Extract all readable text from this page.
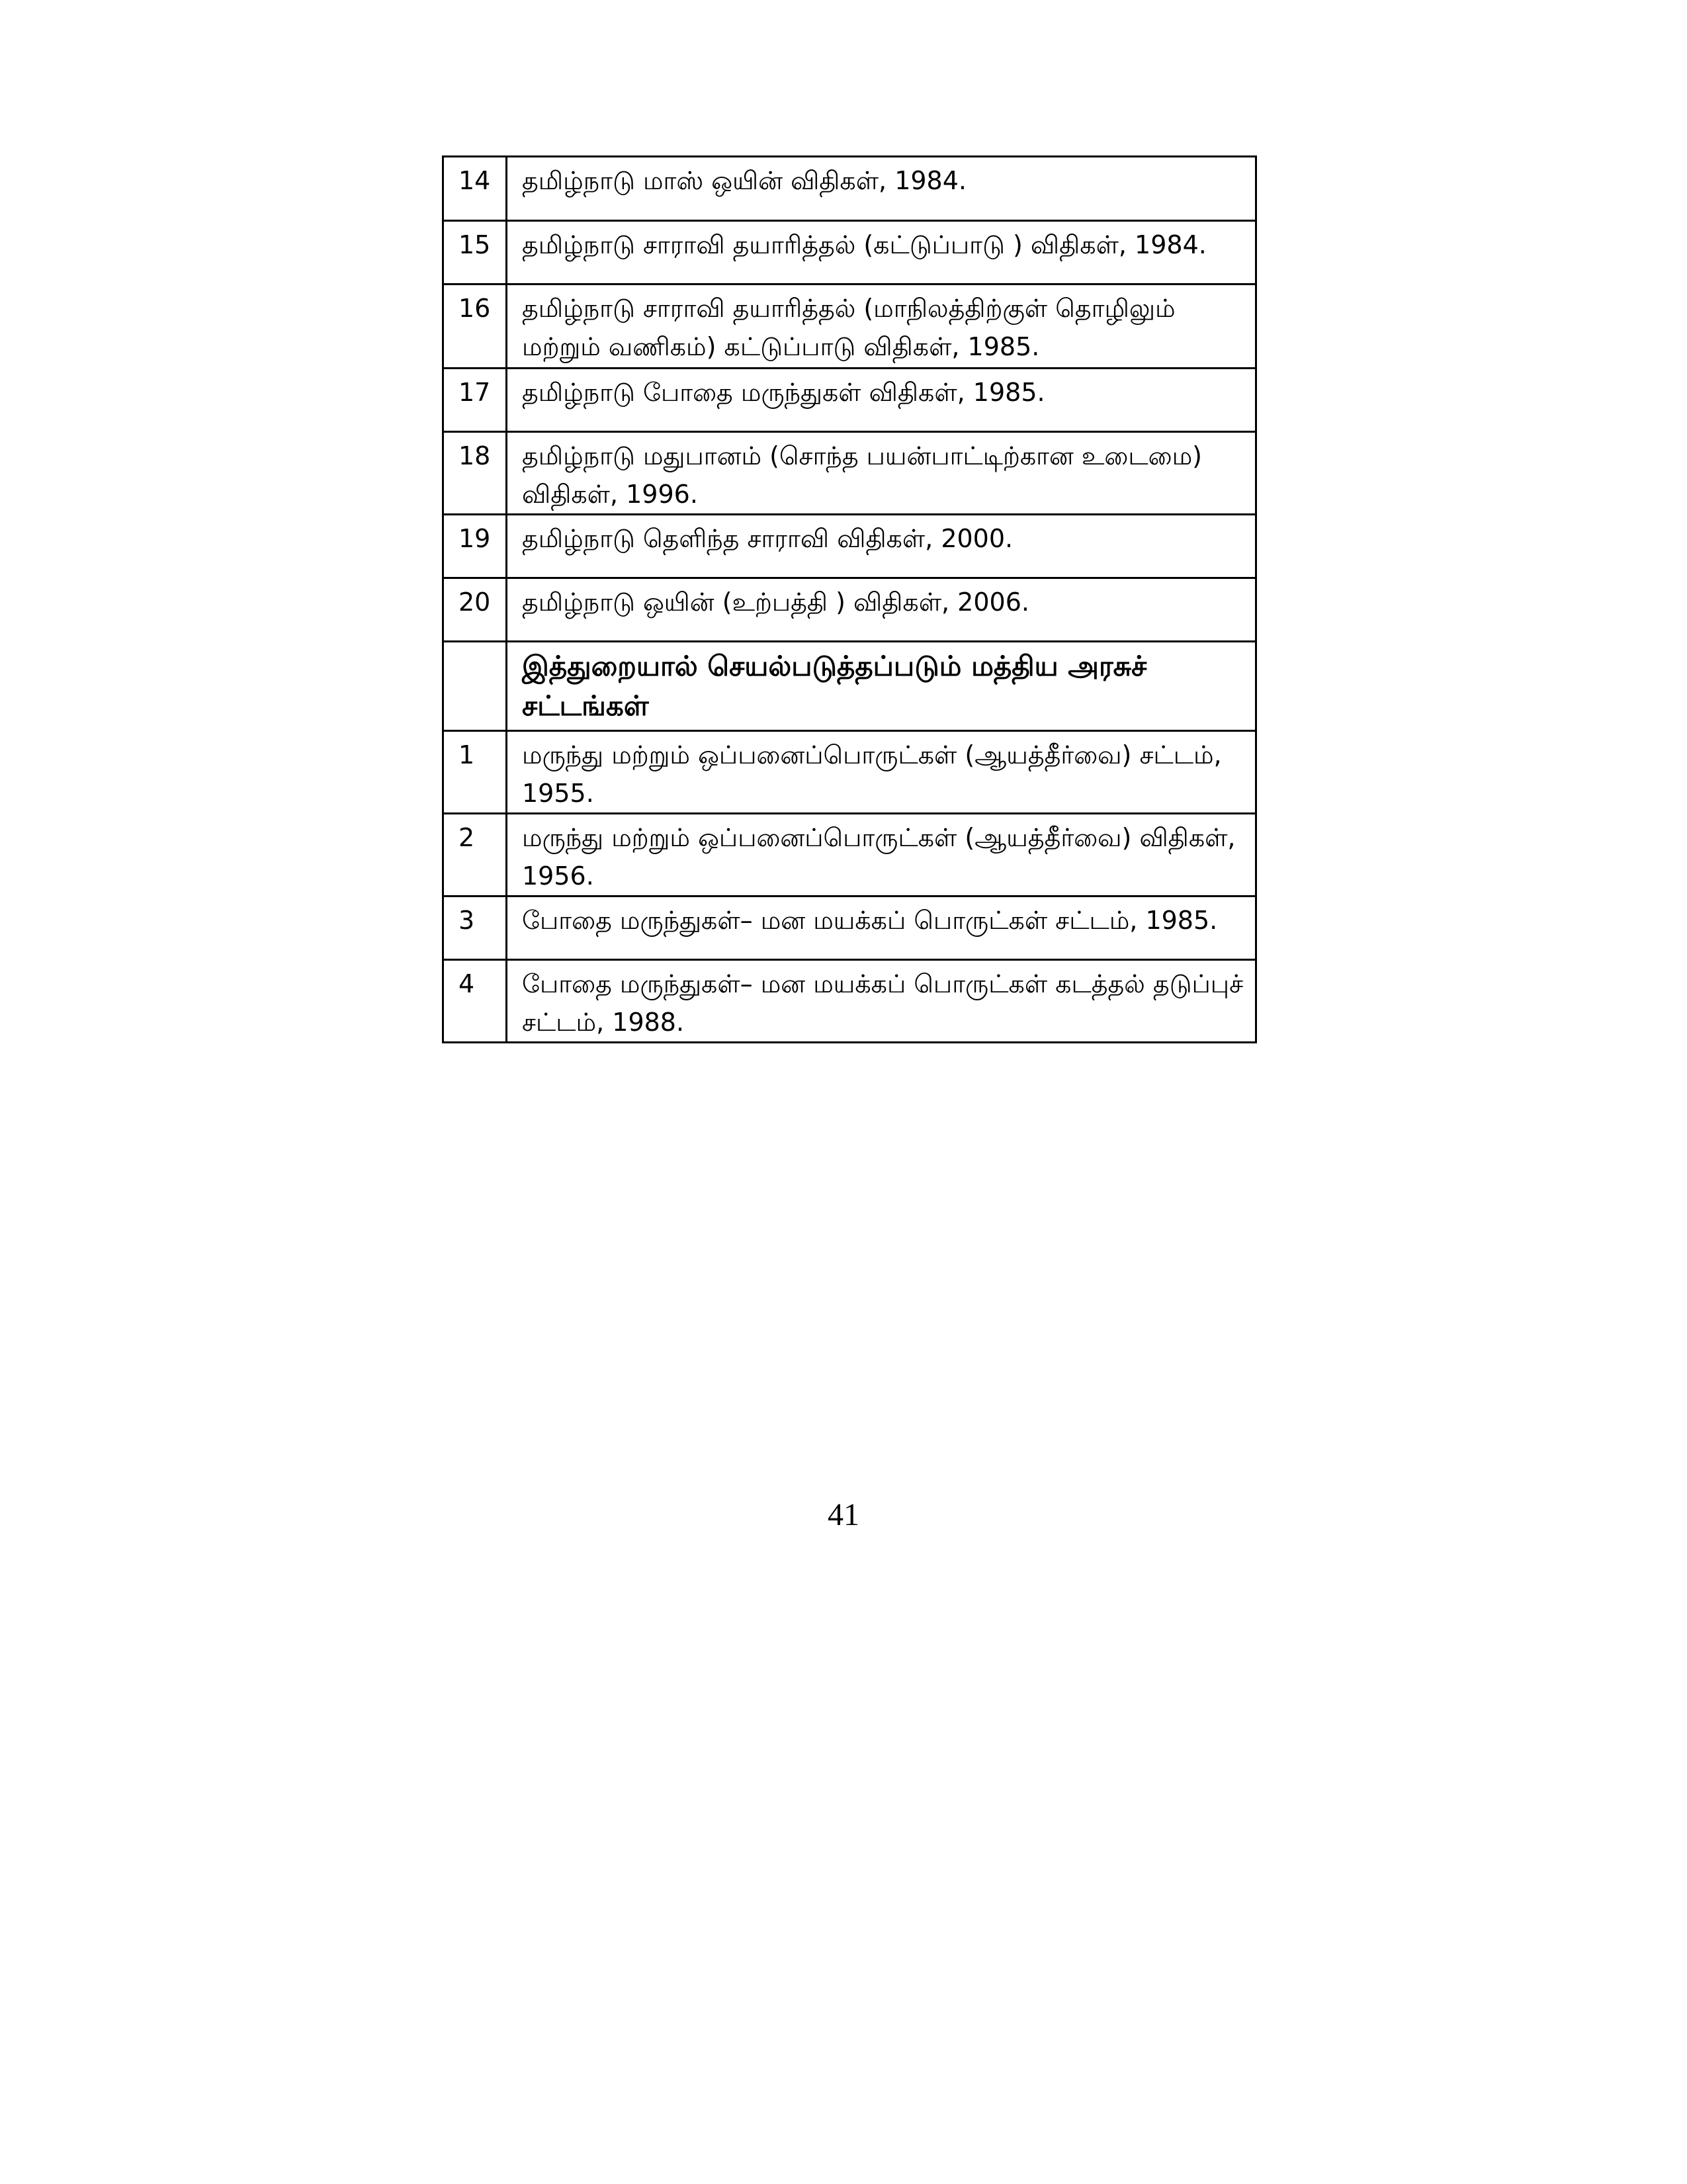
14	தமிழ்நாடு மாஸ் ஒயின் விதிகள், 1984.
15	தமிழ்நாடு சாராவி தயாரித்தல் (கட்டுப்பாடு ) விதிகள், 1984.
16	தமிழ்நாடு சாராவி தயாரித்தல் (மாநிலத்திற்குள் தொழிலும் மற்றும் வணிகம்) கட்டுப்பாடு விதிகள், 1985.
17	தமிழ்நாடு போதை மருந்துகள் விதிகள், 1985.
18	தமிழ்நாடு மதுபானம் (சொந்த பயன்பாட்டிற்கான உடைமை) விதிகள், 1996.
19	தமிழ்நாடு தெளிந்த சாராவி விதிகள், 2000.
20	தமிழ்நாடு ஒயின் (உற்பத்தி ) விதிகள், 2006.
	இத்துறையால் செயல்படுத்தப்படும் மத்திய அரசுச் சட்டங்கள்
1	மருந்து மற்றும் ஒப்பனைப்பொருட்கள் (ஆயத்தீர்வை) சட்டம், 1955.
2	மருந்து மற்றும் ஒப்பனைப்பொருட்கள் (ஆயத்தீர்வை) விதிகள், 1956.
3	போதை மருந்துகள்– மன மயக்கப் பொருட்கள் சட்டம், 1985.
4	போதை மருந்துகள்– மன மயக்கப் பொருட்கள் கடத்தல் தடுப்புச் சட்டம், 1988.
41
